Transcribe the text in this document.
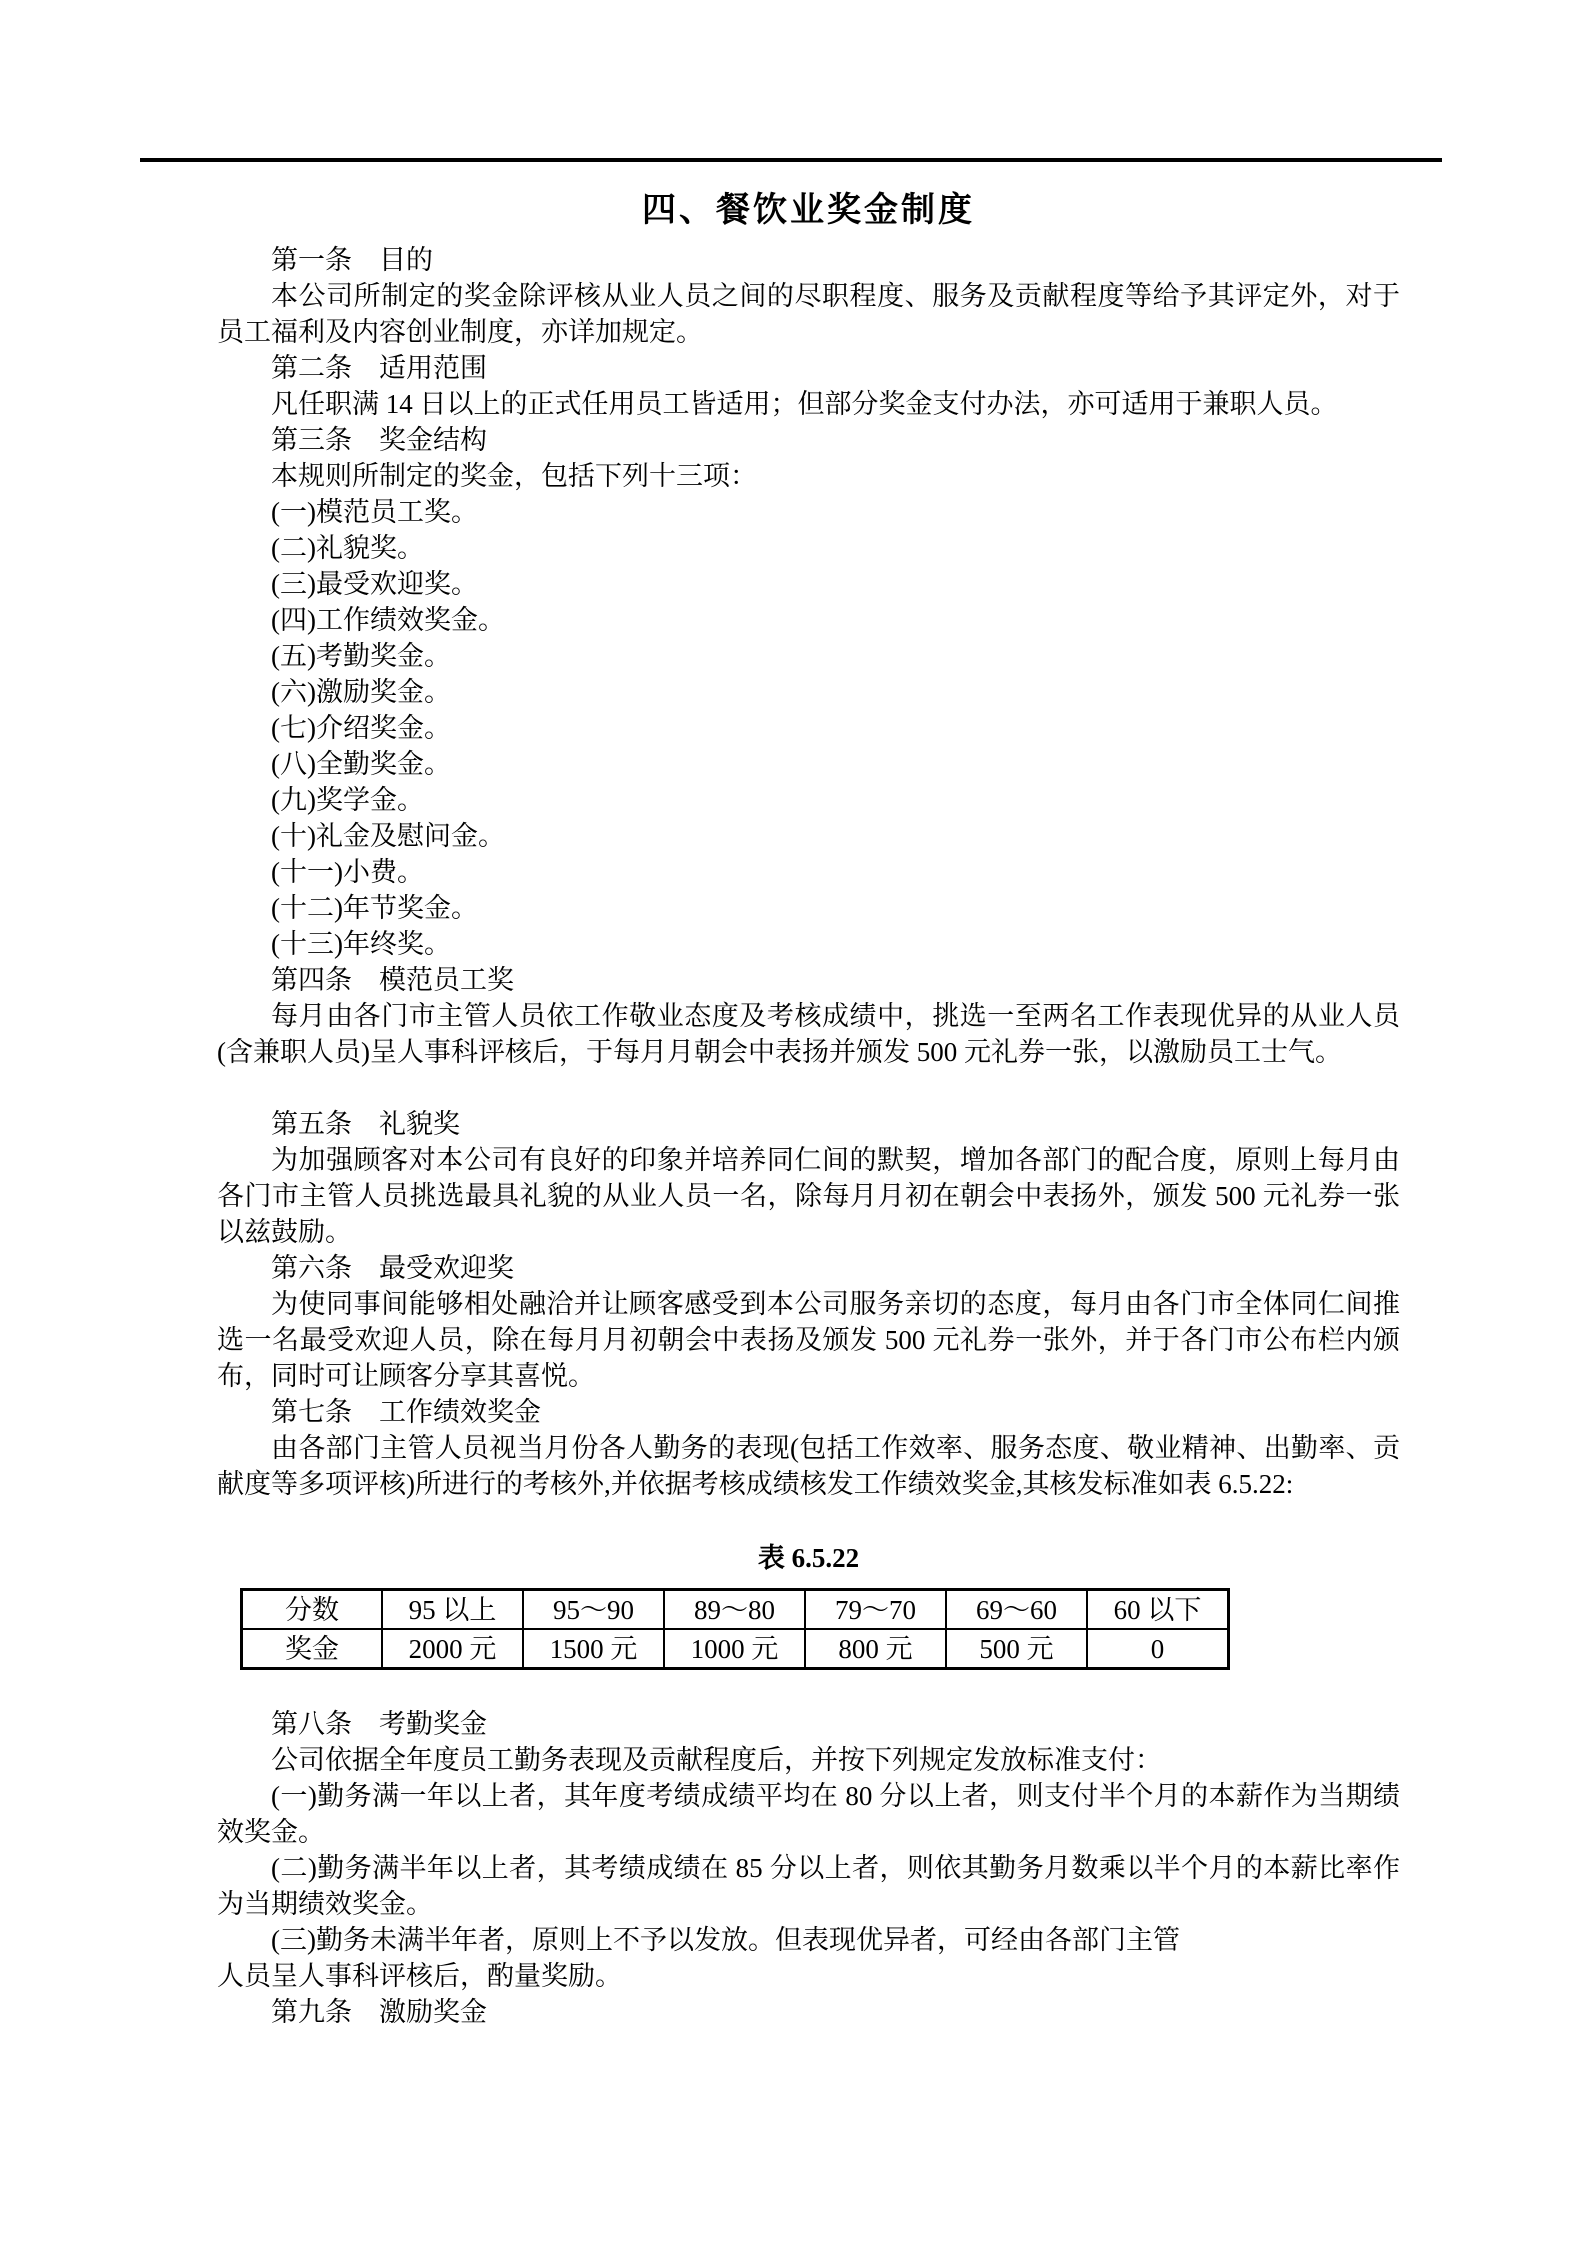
四、餐饮业奖金制度
第一条　目的
本公司所制定的奖金除评核从业人员之间的尽职程度、服务及贡献程度等给予其评定外，对于员工福利及内容创业制度，亦详加规定。
第二条　适用范围
凡任职满 14 日以上的正式任用员工皆适用；但部分奖金支付办法，亦可适用于兼职人员。
第三条　奖金结构
本规则所制定的奖金，包括下列十三项：
(一)模范员工奖。
(二)礼貌奖。
(三)最受欢迎奖。
(四)工作绩效奖金。
(五)考勤奖金。
(六)激励奖金。
(七)介绍奖金。
(八)全勤奖金。
(九)奖学金。
(十)礼金及慰问金。
(十一)小费。
(十二)年节奖金。
(十三)年终奖。
第四条　模范员工奖
每月由各门市主管人员依工作敬业态度及考核成绩中，挑选一至两名工作表现优异的从业人员(含兼职人员)呈人事科评核后，于每月月朝会中表扬并颁发 500 元礼券一张，以激励员工士气。
第五条　礼貌奖
为加强顾客对本公司有良好的印象并培养同仁间的默契，增加各部门的配合度，原则上每月由各门市主管人员挑选最具礼貌的从业人员一名，除每月月初在朝会中表扬外，颁发 500 元礼券一张以兹鼓励。
第六条　最受欢迎奖
为使同事间能够相处融洽并让顾客感受到本公司服务亲切的态度，每月由各门市全体同仁间推选一名最受欢迎人员，除在每月月初朝会中表扬及颁发 500 元礼券一张外，并于各门市公布栏内颁布，同时可让顾客分享其喜悦。
第七条　工作绩效奖金
由各部门主管人员视当月份各人勤务的表现(包括工作效率、服务态度、敬业精神、出勤率、贡献度等多项评核)所进行的考核外,并依据考核成绩核发工作绩效奖金,其核发标准如表 6.5.22:
表 6.5.22
分数	95 以上	95～90	89～80	79～70	69～60	60 以下
奖金	2000 元	1500 元	1000 元	800 元	500 元	0
第八条　考勤奖金
公司依据全年度员工勤务表现及贡献程度后，并按下列规定发放标准支付：
(一)勤务满一年以上者，其年度考绩成绩平均在 80 分以上者，则支付半个月的本薪作为当期绩效奖金。
(二)勤务满半年以上者，其考绩成绩在 85 分以上者，则依其勤务月数乘以半个月的本薪比率作为当期绩效奖金。
(三)勤务未满半年者，原则上不予以发放。但表现优异者，可经由各部门主管
人员呈人事科评核后，酌量奖励。
第九条　激励奖金
